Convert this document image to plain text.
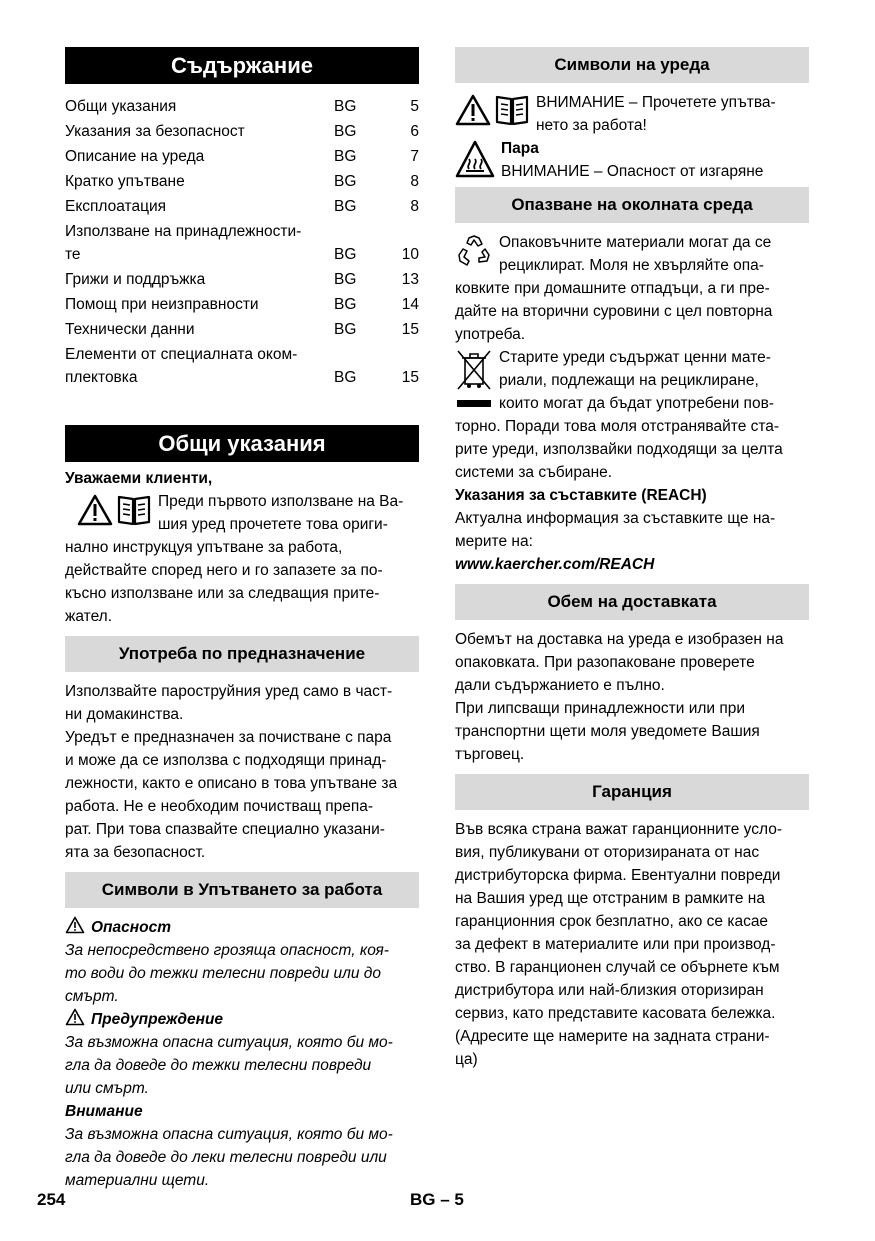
Съдържание
Общи указания	BG	5
Указания за безопасност	BG	6
Описание на уреда	BG	7
Кратко упътване	BG	8
Експлоатация	BG	8
Използване на принадлежности-
те	BG	10
Грижи и поддръжка	BG	13
Помощ при неизправности	BG	14
Технически данни	BG	15
Елементи от специалната оком-
плектовка	BG	15
Общи указания
Уважаеми клиенти,
Преди първото използване на Ва-
шия уред прочетете това ориги-
нално инструкцуя упътване за работа,
действайте според него и го запазете за по-
късно използване или за следващия прите-
жател.
Употреба по предназначение
Използвайте пароструйния уред само в част-
ни домакинства.
Уредът е предназначен за почистване с пара
и може да се използва с подходящи принад-
лежности, както е описано в това упътване за
работа. Не е необходим почистващ препа-
рат. При това спазвайте специално указани-
ята за безопасност.
Символи в Упътването за работа
Опасност
За непосредствено грозяща опасност, коя-
то води до тежки телесни повреди или до
смърт.
Предупреждение
За възможна опасна ситуация, която би мо-
гла да доведе до тежки телесни повреди
или смърт.
Внимание
За възможна опасна ситуация, която би мо-
гла да доведе до леки телесни повреди или
материални щети.
Символи на уреда
ВНИМАНИЕ – Прочетете упътва-
нето за работа!
Пара
ВНИМАНИЕ – Опасност от изгаряне
Опазване на околната среда
Опаковъчните материали могат да се
рециклират. Моля не хвърляйте опа-
ковките при домашните отпадъци, а ги пре-
дайте на вторични суровини с цел повторна
употреба.
Старите уреди съдържат ценни мате-
риали, подлежащи на рециклиране,
които могат да бъдат употребени пов-
торно. Поради това моля отстранявайте ста-
рите уреди, използвайки подходящи за целта
системи за събиране.
Указания за съставките (REACH)
Актуална информация за съставките ще на-
мерите на:
www.kaercher.com/REACH
Обем на доставката
Обемът на доставка на уреда е изобразен на
опаковката. При разопаковане проверете
дали съдържанието е пълно.
При липсващи принадлежности или при
транспортни щети моля уведомете Вашия
търговец.
Гаранция
Във всяка страна важат гаранционните усло-
вия, публикувани от оторизираната от нас
дистрибуторска фирма. Евентуални повреди
на Вашия уред ще отстраним в рамките на
гаранционния срок безплатно, ако се касае
за дефект в материалите или при производ-
ство. В гаранционен случай се обърнете към
дистрибутора или най-близкия оторизиран
сервиз, като представите касовата бележка.
(Адресите ще намерите на задната страни-
ца)
254	BG – 5
